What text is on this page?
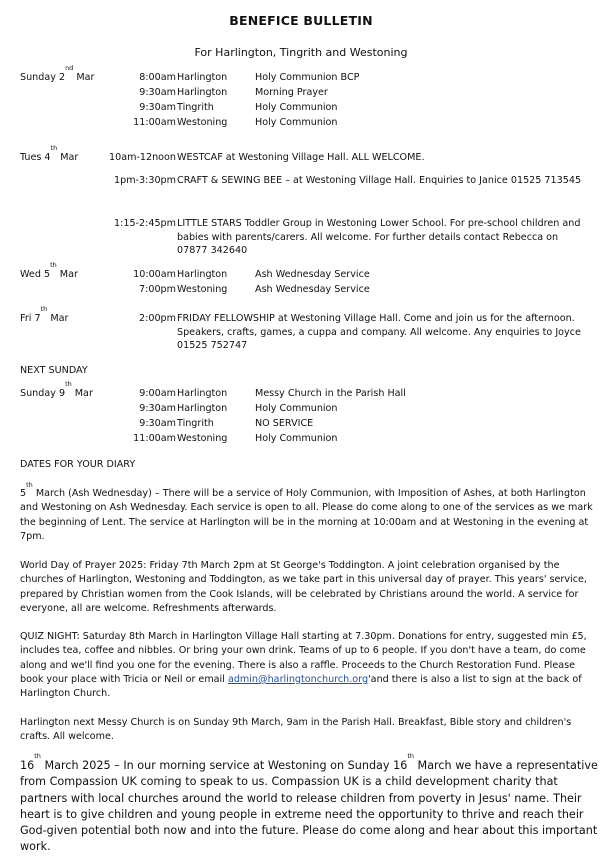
BENEFICE BULLETIN
For Harlington, Tingrith and Westoning
Sunday 2nd Mar	8:00am Harlington	Holy Communion BCP
9:30am Harlington	Morning Prayer
9:30am Tingrith	Holy Communion
11:00am Westoning	Holy Communion
Tues 4th Mar	10am-12noon WESTCAF at Westoning Village Hall. ALL WELCOME.
1pm-3:30pm CRAFT & SEWING BEE – at Westoning Village Hall. Enquiries to Janice 01525 713545
1:15-2:45pm LITTLE STARS Toddler Group in Westoning Lower School. For pre-school children and babies with parents/carers. All welcome. For further details contact Rebecca on 07877 342640
Wed 5th Mar	10:00am Harlington	Ash Wednesday Service
7:00pm Westoning	Ash Wednesday Service
Fri 7th Mar	2:00pm FRIDAY FELLOWSHIP at Westoning Village Hall. Come and join us for the afternoon. Speakers, crafts, games, a cuppa and company. All welcome. Any enquiries to Joyce 01525 752747
NEXT SUNDAY
Sunday 9th Mar	9:00am Harlington	Messy Church in the Parish Hall
9:30am Harlington	Holy Communion
9:30am Tingrith	NO SERVICE
11:00am Westoning	Holy Communion
DATES FOR YOUR DIARY
5th March (Ash Wednesday) – There will be a service of Holy Communion, with Imposition of Ashes, at both Harlington and Westoning on Ash Wednesday. Each service is open to all. Please do come along to one of the services as we mark the beginning of Lent. The service at Harlington will be in the morning at 10:00am and at Westoning in the evening at 7pm.
World Day of Prayer 2025: Friday 7th March 2pm at St George's Toddington. A joint celebration organised by the churches of Harlington, Westoning and Toddington, as we take part in this universal day of prayer. This years' service, prepared by Christian women from the Cook Islands, will be celebrated by Christians around the world. A service for everyone, all are welcome. Refreshments afterwards.
QUIZ NIGHT: Saturday 8th March in Harlington Village Hall starting at 7.30pm. Donations for entry, suggested min £5, includes tea, coffee and nibbles. Or bring your own drink. Teams of up to 6 people. If you don't have a team, do come along and we'll find you one for the evening. There is also a raffle. Proceeds to the Church Restoration Fund. Please book your place with Tricia or Neil or email admin@harlingtonchurch.org'and there is also a list to sign at the back of Harlington Church.
Harlington next Messy Church is on Sunday 9th March, 9am in the Parish Hall. Breakfast, Bible story and children's crafts. All welcome.
16th March 2025 – In our morning service at Westoning on Sunday 16th March we have a representative from Compassion UK coming to speak to us. Compassion UK is a child development charity that partners with local churches around the world to release children from poverty in Jesus' name. Their heart is to give children and young people in extreme need the opportunity to thrive and reach their God-given potential both now and into the future. Please do come along and hear about this important work.
